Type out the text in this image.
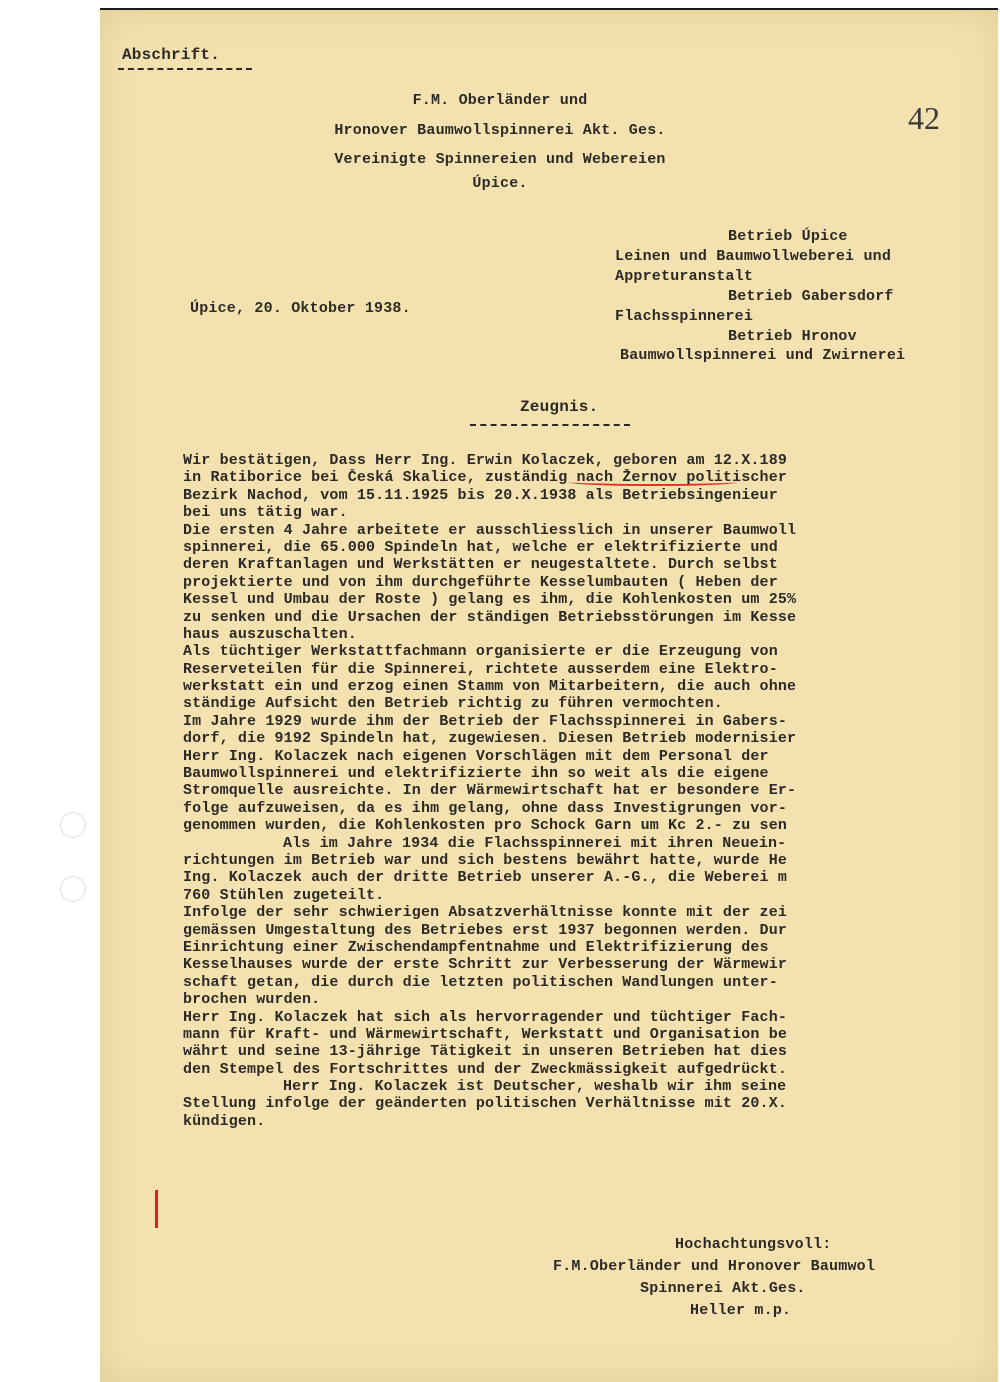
Abschrift.
42
F.M. Oberländer und
Hronover Baumwollspinnerei Akt. Ges.
Vereinigte Spinnereien und Webereien
Úpice.
Betrieb Úpice
Leinen und Baumwollweberei und
Appreturanstalt
Betrieb Gabersdorf
Flachsspinnerei
Betrieb Hronov
Baumwollspinnerei und Zwirnerei
Úpice, 20. Oktober 1938.
Zeugnis.
Wir bestätigen, Dass Herr Ing. Erwin Kolaczek, geboren am 12.X.189
in Ratiborice bei Česká Skalice, zuständig nach Žernov politischer
Bezirk Nachod, vom 15.11.1925 bis 20.X.1938 als Betriebsingenieur
bei uns tätig war.
Die ersten 4 Jahre arbeitete er ausschliesslich in unserer Baumwoll
spinnerei, die 65.000 Spindeln hat, welche er elektrifizierte und
deren Kraftanlagen und Werkstätten er neugestaltete. Durch selbst
projektierte und von ihm durchgeführte Kesselumbauten ( Heben der
Kessel und Umbau der Roste ) gelang es ihm, die Kohlenkosten um 25%
zu senken und die Ursachen der ständigen Betriebsstörungen im Kesse
haus auszuschalten.
Als tüchtiger Werkstattfachmann organisierte er die Erzeugung von
Reserveteilen für die Spinnerei, richtete ausserdem eine Elektro-
werkstatt ein und erzog einen Stamm von Mitarbeitern, die auch ohne
ständige Aufsicht den Betrieb richtig zu führen vermochten.
Im Jahre 1929 wurde ihm der Betrieb der Flachsspinnerei in Gabers-
dorf, die 9192 Spindeln hat, zugewiesen. Diesen Betrieb modernisier
Herr Ing. Kolaczek nach eigenen Vorschlägen mit dem Personal der
Baumwollspinnerei und elektrifizierte ihn so weit als die eigene
Stromquelle ausreichte. In der Wärmewirtschaft hat er besondere Er-
folge aufzuweisen, da es ihm gelang, ohne dass Investigrungen vor-
genommen wurden, die Kohlenkosten pro Schock Garn um Kc 2.- zu sen
Als im Jahre 1934 die Flachsspinnerei mit ihren Neuein-
richtungen im Betrieb war und sich bestens bewährt hatte, wurde He
Ing. Kolaczek auch der dritte Betrieb unserer A.-G., die Weberei m
760 Stühlen zugeteilt.
Infolge der sehr schwierigen Absatzverhältnisse konnte mit der zei
gemässen Umgestaltung des Betriebes erst 1937 begonnen werden. Dur
Einrichtung einer Zwischendampfentnahme und Elektrifizierung des
Kesselhauses wurde der erste Schritt zur Verbesserung der Wärmewir
schaft getan, die durch die letzten politischen Wandlungen unter-
brochen wurden.
Herr Ing. Kolaczek hat sich als hervorragender und tüchtiger Fach-
mann für Kraft- und Wärmewirtschaft, Werkstatt und Organisation be
währt und seine 13-jährige Tätigkeit in unseren Betrieben hat dies
den Stempel des Fortschrittes und der Zweckmässigkeit aufgedrückt.
Herr Ing. Kolaczek ist Deutscher, weshalb wir ihm seine
Stellung infolge der geänderten politischen Verhältnisse mit 20.X.
kündigen.
Hochachtungsvoll:
F.M.Oberländer und Hronover Baumwol
Spinnerei Akt.Ges.
Heller m.p.
